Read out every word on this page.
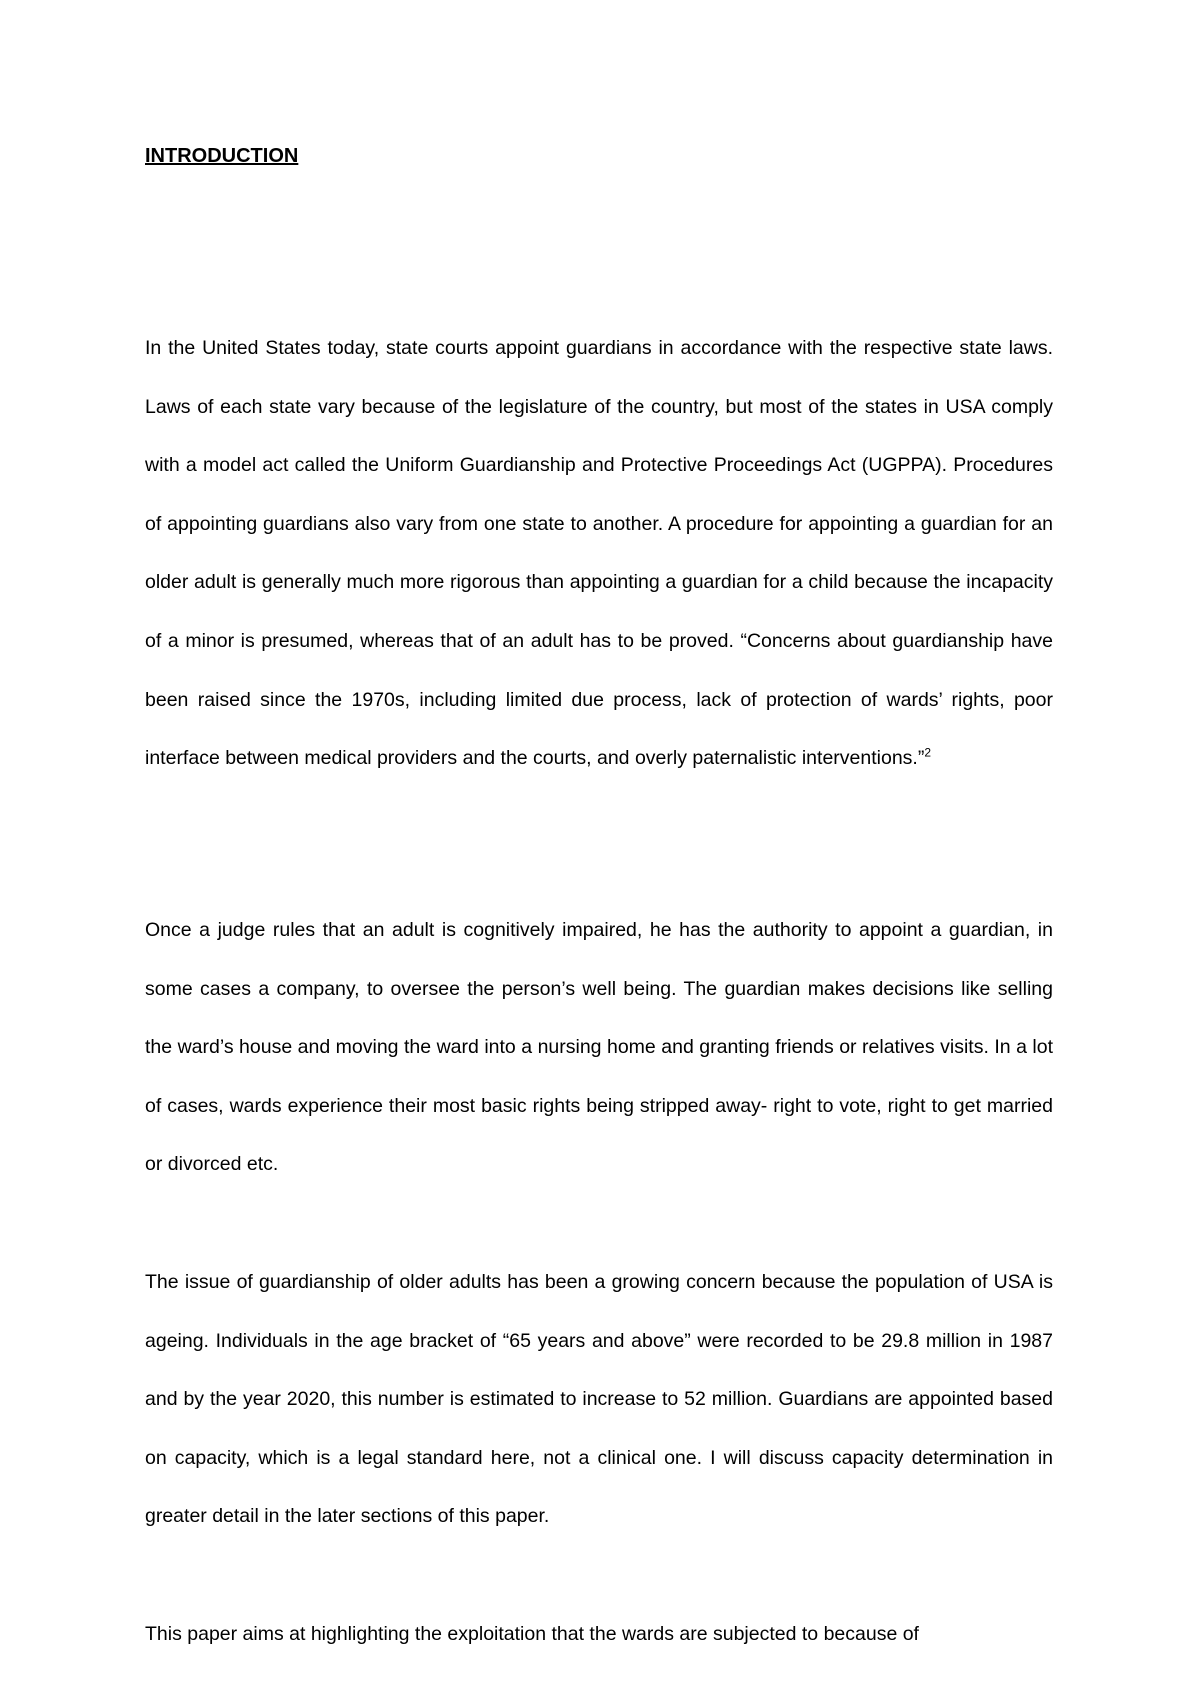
INTRODUCTION

In the United States today, state courts appoint guardians in accordance with the respective state laws. Laws of each state vary because of the legislature of the country, but most of the states in USA comply with a model act called the Uniform Guardianship and Protective Proceedings Act (UGPPA). Procedures of appointing guardians also vary from one state to another. A procedure for appointing a guardian for an older adult is generally much more rigorous than appointing a guardian for a child because the incapacity of a minor is presumed, whereas that of an adult has to be proved. “Concerns about guardianship have been raised since the 1970s, including limited due process, lack of protection of wards’ rights, poor interface between medical providers and the courts, and overly paternalistic interventions.”$^2$

Once a judge rules that an adult is cognitively impaired, he has the authority to appoint a guardian, in some cases a company, to oversee the person’s well being. The guardian makes decisions like selling the ward’s house and moving the ward into a nursing home and granting friends or relatives visits. In a lot of cases, wards experience their most basic rights being stripped away- right to vote, right to get married or divorced etc.

The issue of guardianship of older adults has been a growing concern because the population of USA is ageing. Individuals in the age bracket of “65 years and above” were recorded to be 29.8 million in 1987 and by the year 2020, this number is estimated to increase to 52 million. Guardians are appointed based on capacity, which is a legal standard here, not a clinical one. I will discuss capacity determination in greater detail in the later sections of this paper.

This paper aims at highlighting the exploitation that the wards are subjected to because of
